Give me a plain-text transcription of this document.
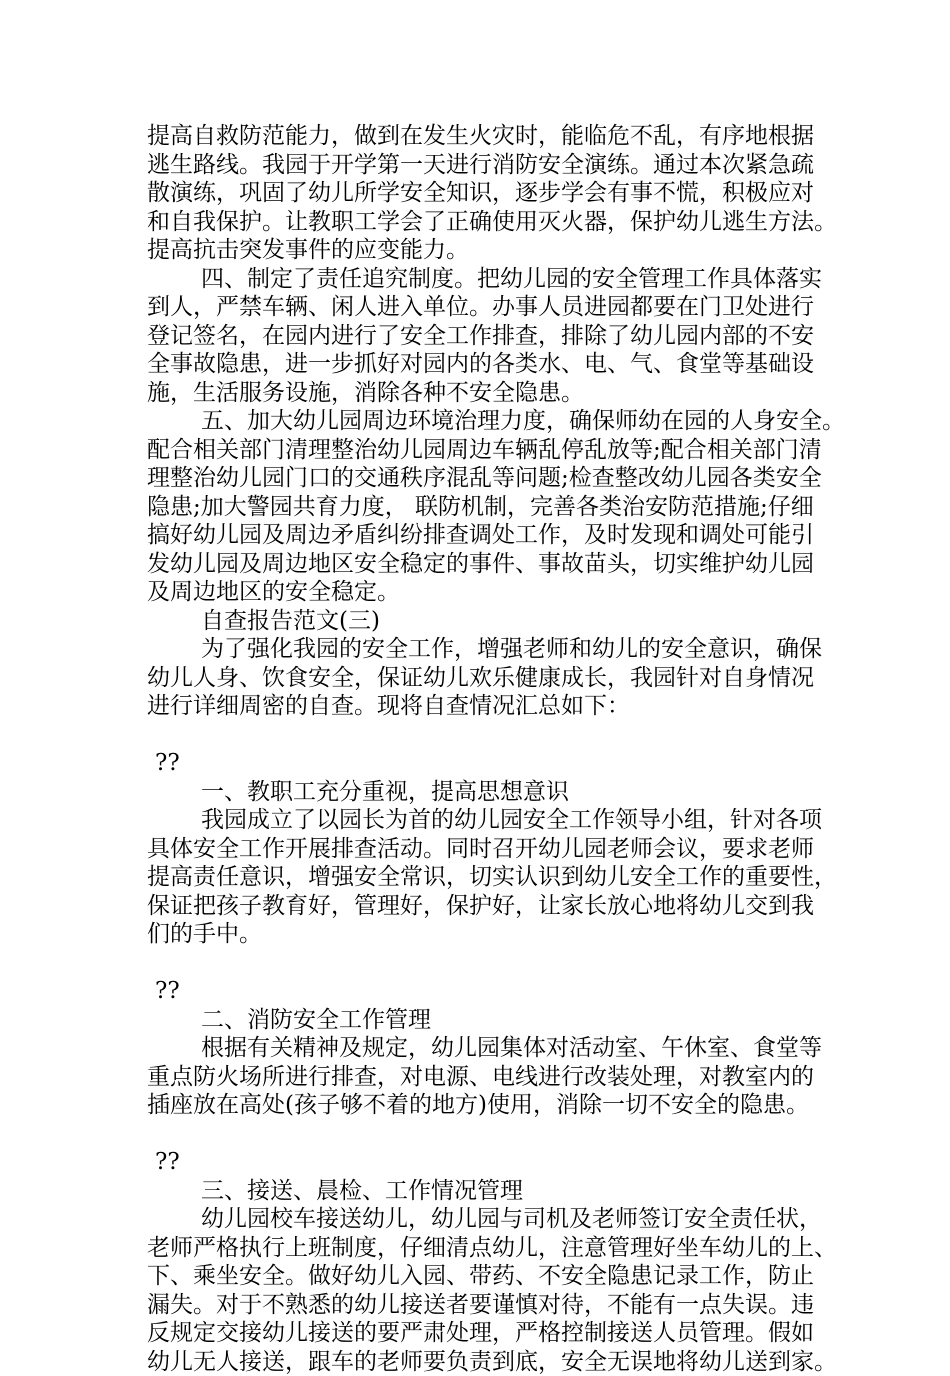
提高自救防范能力，做到在发生火灾时，能临危不乱，有序地根据
逃生路线。我园于开学第一天进行消防安全演练。通过本次紧急疏
散演练，巩固了幼儿所学安全知识，逐步学会有事不慌，积极应对
和自我保护。让教职工学会了正确使用灭火器，保护幼儿逃生方法。
提高抗击突发事件的应变能力。
四、制定了责任追究制度。把幼儿园的安全管理工作具体落实
到人，严禁车辆、闲人进入单位。办事人员进园都要在门卫处进行
登记签名，在园内进行了安全工作排查，排除了幼儿园内部的不安
全事故隐患，进一步抓好对园内的各类水、电、气、食堂等基础设
施，生活服务设施，消除各种不安全隐患。
五、加大幼儿园周边环境治理力度，确保师幼在园的人身安全。
配合相关部门清理整治幼儿园周边车辆乱停乱放等;配合相关部门清
理整治幼儿园门口的交通秩序混乱等问题;检查整改幼儿园各类安全
隐患;加大警园共育力度， 联防机制，完善各类治安防范措施;仔细
搞好幼儿园及周边矛盾纠纷排查调处工作，及时发现和调处可能引
发幼儿园及周边地区安全稳定的事件、事故苗头，切实维护幼儿园
及周边地区的安全稳定。
自查报告范文(三)
为了强化我园的安全工作，增强老师和幼儿的安全意识，确保
幼儿人身、饮食安全，保证幼儿欢乐健康成长，我园针对自身情况
进行详细周密的自查。现将自查情况汇总如下：
??
一、教职工充分重视，提高思想意识
我园成立了以园长为首的幼儿园安全工作领导小组，针对各项
具体安全工作开展排查活动。同时召开幼儿园老师会议，要求老师
提高责任意识，增强安全常识，切实认识到幼儿安全工作的重要性，
保证把孩子教育好，管理好，保护好，让家长放心地将幼儿交到我
们的手中。
??
二、消防安全工作管理
根据有关精神及规定，幼儿园集体对活动室、午休室、食堂等
重点防火场所进行排查，对电源、电线进行改装处理，对教室内的
插座放在高处(孩子够不着的地方)使用，消除一切不安全的隐患。
??
三、接送、晨检、工作情况管理
幼儿园校车接送幼儿，幼儿园与司机及老师签订安全责任状，
老师严格执行上班制度，仔细清点幼儿，注意管理好坐车幼儿的上、
下、乘坐安全。做好幼儿入园、带药、不安全隐患记录工作，防止
漏失。对于不熟悉的幼儿接送者要谨慎对待，不能有一点失误。违
反规定交接幼儿接送的要严肃处理，严格控制接送人员管理。假如
幼儿无人接送，跟车的老师要负责到底，安全无误地将幼儿送到家。
